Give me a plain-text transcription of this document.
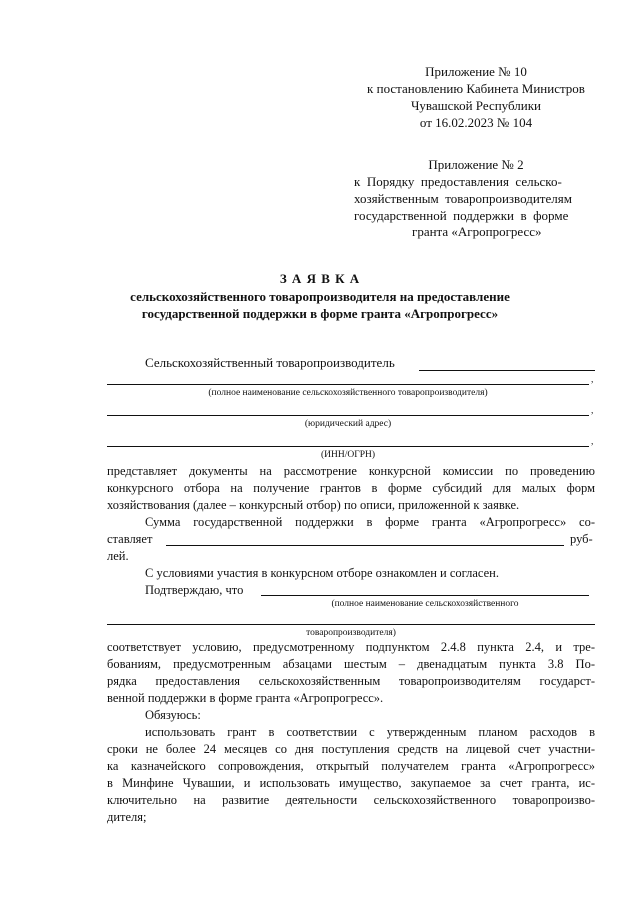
Приложение № 10
к постановлению Кабинета Министров
Чувашской Республики
от 16.02.2023 № 104
Приложение № 2
к  Порядку  предоставления  сельско-
хозяйственным  товаропроизводителям
государственной  поддержки  в  форме
гранта «Агропрогресс»
З А Я В К А
сельскохозяйственного товаропроизводителя на предоставление
государственной поддержки в форме гранта «Агропрогресс»
Сельскохозяйственный товаропроизводитель
,
(полное наименование сельскохозяйственного товаропроизводителя)
,
(юридический адрес)
,
(ИНН/ОГРН)
представляет документы на рассмотрение конкурсной комиссии по проведению
конкурсного отбора на получение грантов в форме субсидий для малых форм
хозяйствования (далее – конкурсный отбор) по описи, приложенной к заявке.
Сумма государственной поддержки в форме гранта «Агропрогресс» со-
ставляет	руб-
лей.
С условиями участия в конкурсном отборе ознакомлен и согласен.
Подтверждаю, что
(полное наименование сельскохозяйственного
товаропроизводителя)
соответствует условию, предусмотренному подпунктом 2.4.8 пункта 2.4, и тре-
бованиям, предусмотренным абзацами шестым – двенадцатым пункта 3.8 По-
рядка предоставления сельскохозяйственным товаропроизводителям государст-
венной поддержки в форме гранта «Агропрогресс».
Обязуюсь:
использовать грант в соответствии с утвержденным планом расходов в
сроки не более 24 месяцев со дня поступления средств на лицевой счет участни-
ка казначейского сопровождения, открытый получателем гранта «Агропрогресс»
в Минфине Чувашии, и использовать имущество, закупаемое за счет гранта, ис-
ключительно на развитие деятельности сельскохозяйственного товаропроизво-
дителя;
